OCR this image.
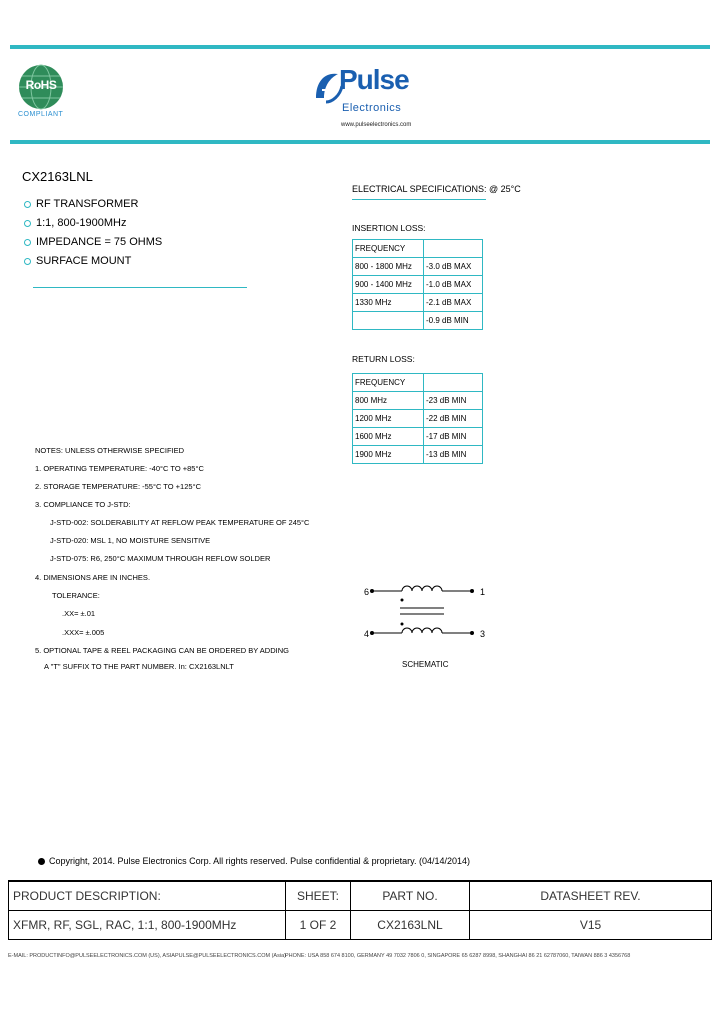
RoHS
COMPLIANT
Pulse
Electronics
www.pulseelectronics.com
CX2163LNL
RF TRANSFORMER
1:1, 800-1900MHz
IMPEDANCE = 75 OHMS
SURFACE MOUNT
NOTES: UNLESS OTHERWISE SPECIFIED
1. OPERATING TEMPERATURE: -40°C TO +85°C
2. STORAGE TEMPERATURE: -55°C TO +125°C
3. COMPLIANCE TO J-STD:
J-STD-002: SOLDERABILITY AT REFLOW PEAK TEMPERATURE OF 245°C
J-STD-020: MSL 1, NO MOISTURE SENSITIVE
J-STD-075: R6, 250°C MAXIMUM THROUGH REFLOW SOLDER
4. DIMENSIONS ARE IN INCHES.
TOLERANCE:
.XX= ±.01
.XXX= ±.005
5. OPTIONAL TAPE & REEL PACKAGING CAN BE ORDERED BY ADDING
A "T" SUFFIX TO THE PART NUMBER. In: CX2163LNLT
ELECTRICAL SPECIFICATIONS: @ 25°C
INSERTION LOSS:
FREQUENCY	
800 - 1800 MHz	-3.0 dB MAX
900 - 1400 MHz	-1.0 dB MAX
1330 MHz	-2.1 dB MAX
	-0.9 dB MIN
RETURN LOSS:
FREQUENCY	
800 MHz	-23 dB MIN
1200 MHz	-22 dB MIN
1600 MHz	-17 dB MIN
1900 MHz	-13 dB MIN
6	1
4	3
SCHEMATIC
Copyright, 2014. Pulse Electronics Corp. All rights reserved. Pulse confidential & proprietary. (04/14/2014)
PRODUCT DESCRIPTION:	SHEET:	PART NO.	DATASHEET REV.
XFMR, RF, SGL, RAC, 1:1, 800-1900MHz	1 OF 2	CX2163LNL	V15
E-MAIL: PRODUCTINFO@PULSEELECTRONICS.COM (US), ASIAPULSE@PULSEELECTRONICS.COM (Asia) PHONE: USA 858 674 8100, GERMANY 49 7032 7806 0, SINGAPORE 65 6287 8998, SHANGHAI 86 21 62787060, TAIWAN 886 3 4356768
